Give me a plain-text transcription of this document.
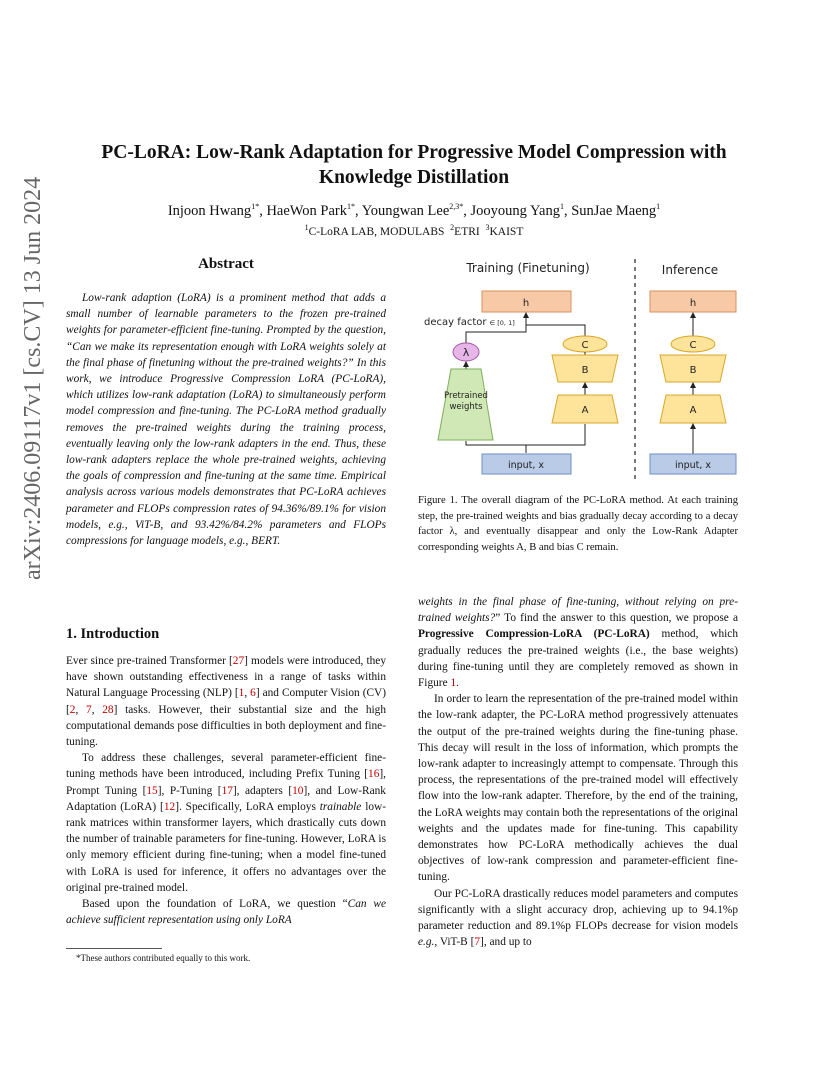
arXiv:2406.09117v1 [cs.CV] 13 Jun 2024
PC-LoRA: Low-Rank Adaptation for Progressive Model Compression with Knowledge Distillation
Injoon Hwang$^{1*}$, HaeWon Park$^{1*}$, Youngwan Lee$^{2,3*}$, Jooyoung Yang$^1$, SunJae Maeng$^1$
$^1$C-LoRA LAB, MODULABS  $^2$ETRI  $^3$KAIST
Abstract
Low-rank adaption (LoRA) is a prominent method that adds a small number of learnable parameters to the frozen pre-trained weights for parameter-efficient fine-tuning. Prompted by the question, “Can we make its representation enough with LoRA weights solely at the final phase of finetuning without the pre-trained weights?” In this work, we introduce Progressive Compression LoRA (PC-LoRA), which utilizes low-rank adaptation (LoRA) to simultaneously perform model compression and fine-tuning. The PC-LoRA method gradually removes the pre-trained weights during the training process, eventually leaving only the low-rank adapters in the end. Thus, these low-rank adapters replace the whole pre-trained weights, achieving the goals of compression and fine-tuning at the same time. Empirical analysis across various models demonstrates that PC-LoRA achieves parameter and FLOPs compression rates of 94.36%/89.1% for vision models, e.g., ViT-B, and 93.42%/84.2% parameters and FLOPs compressions for language models, e.g., BERT.
1. Introduction

Ever since pre-trained Transformer [27] models were introduced, they have shown outstanding effectiveness in a range of tasks within Natural Language Processing (NLP) [1, 6] and Computer Vision (CV) [2, 7, 28] tasks. However, their substantial size and the high computational demands pose difficulties in both deployment and fine-tuning.

To address these challenges, several parameter-efficient fine-tuning methods have been introduced, including Prefix Tuning [16], Prompt Tuning [15], P-Tuning [17], adapters [10], and Low-Rank Adaptation (LoRA) [12]. Specifically, LoRA employs trainable low-rank matrices within transformer layers, which drastically cuts down the number of trainable parameters for fine-tuning. However, LoRA is only memory efficient during fine-tuning; when a model fine-tuned with LoRA is used for inference, it offers no advantages over the original pre-trained model.

Based upon the foundation of LoRA, we question “Can we achieve sufficient representation using only LoRA

*These authors contributed equally to this work.
Training (Finetuning)	Inference
h
decay factor ∈ [0, 1]
λ
Pretrained
weights
C
B
A
input, x
h
C
B
A
input, x
Figure 1. The overall diagram of the PC-LoRA method. At each training step, the pre-trained weights and bias gradually decay according to a decay factor λ, and eventually disappear and only the Low-Rank Adapter corresponding weights A, B and bias C remain.

weights in the final phase of fine-tuning, without relying on pre-trained weights?” To find the answer to this question, we propose a Progressive Compression-LoRA (PC-LoRA) method, which gradually reduces the pre-trained weights (i.e., the base weights) during fine-tuning until they are completely removed as shown in Figure 1.

In order to learn the representation of the pre-trained model within the low-rank adapter, the PC-LoRA method progressively attenuates the output of the pre-trained weights during the fine-tuning phase. This decay will result in the loss of information, which prompts the low-rank adapter to increasingly attempt to compensate. Through this process, the representations of the pre-trained model will effectively flow into the low-rank adapter. Therefore, by the end of the training, the LoRA weights may contain both the representations of the original weights and the updates made for fine-tuning. This capability demonstrates how PC-LoRA methodically achieves the dual objectives of low-rank compression and parameter-efficient fine-tuning.

Our PC-LoRA drastically reduces model parameters and computes significantly with a slight accuracy drop, achieving up to 94.1%p parameter reduction and 89.1%p FLOPs decrease for vision models e.g., ViT-B [7], and up to
